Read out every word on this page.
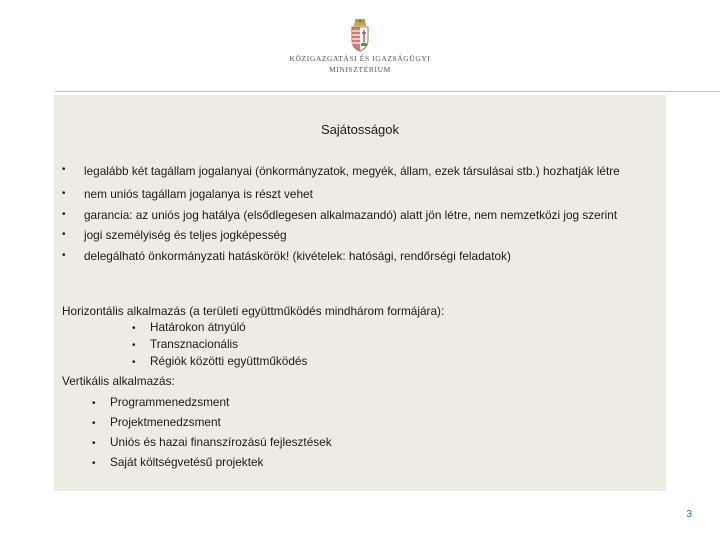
KÖZIGAZGATÁSI ÉS IGAZSÁGÜGYI
MINISZTÉRIUM
Sajátosságok
• legalább két tagállam jogalanyai (önkormányzatok, megyék, állam, ezek társulásai stb.) hozhatják létre
• nem uniós tagállam jogalanya is részt vehet
• garancia: az uniós jog hatálya (elsődlegesen alkalmazandó) alatt jön létre, nem nemzetközi jog szerint
• jogi személyiség és teljes jogképesség
• delegálható önkormányzati hatáskörök! (kivételek: hatósági, rendőrségi feladatok)
Horizontális alkalmazás (a területi együttműködés mindhárom formájára):
• Határokon átnyúló
• Transznacionális
• Régiók közötti együttműködés
Vertikális alkalmazás:
• Programmenedzsment
• Projektmenedzsment
• Uniós és hazai finanszírozású fejlesztések
• Saját költségvetésű projektek
3
